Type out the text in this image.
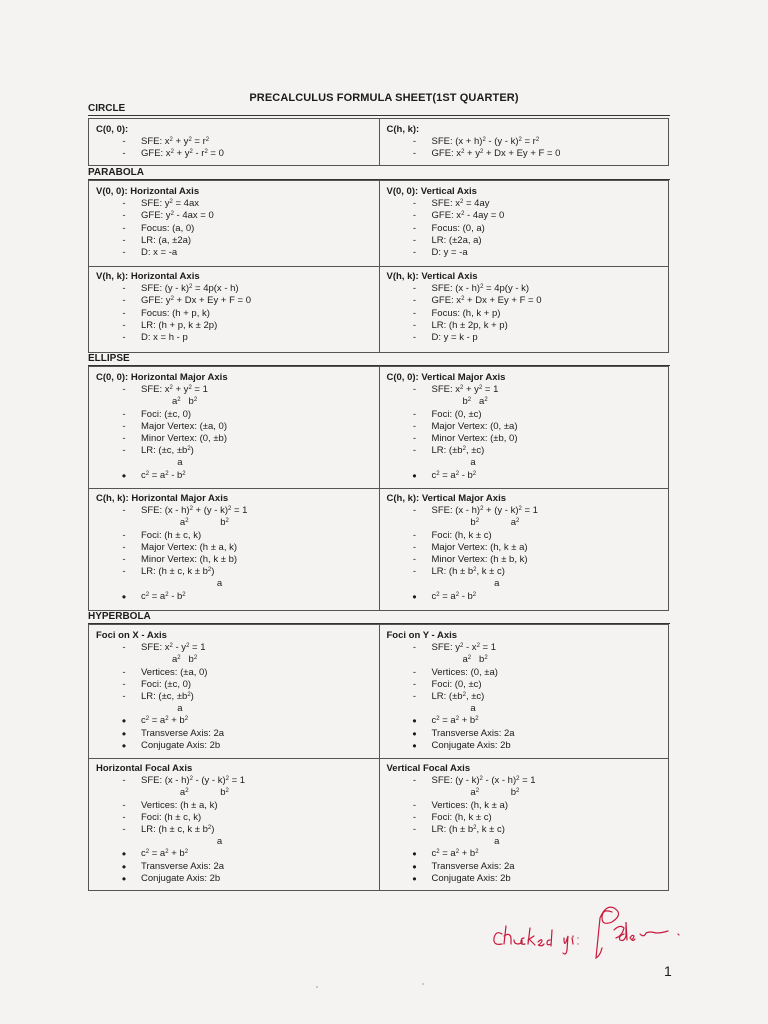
PRECALCULUS FORMULA SHEET(1ST QUARTER)
CIRCLE
C(0, 0):
-	SFE: $x^2 + y^2 = r^2$
-	GFE: $x^2 + y^2 - r^2 = 0$
C(h, k):
-	SFE: $(x + h)^2 - (y - k)^2 = r^2$
-	GFE: $x^2 + y^2 + Dx + Ey + F = 0$
PARABOLA
V(0, 0): Horizontal Axis
-	SFE: $y^2 = 4ax$
-	GFE: $y^2 - 4ax = 0$
-	Focus: (a, 0)
-	LR: (a, ±2a)
-	D: x = -a
V(0, 0): Vertical Axis
-	SFE: $x^2 = 4ay$
-	GFE: $x^2 - 4ay = 0$
-	Focus: (0, a)
-	LR: (±2a, a)
-	D: y = -a
V(h, k): Horizontal Axis
-	SFE: (y - k)$^2$ = 4p(x - h)
-	GFE: $y^2 + Dx + Ey + F = 0$
-	Focus: (h + p, k)
-	LR: (h + p, k ± 2p)
-	D: x = h - p
V(h, k): Vertical Axis
-	SFE: (x - h)$^2$ = 4p(y - k)
-	GFE: $x^2 + Dx + Ey + F = 0$
-	Focus: (h, k + p)
-	LR: (h ± 2p, k + p)
-	D: y = k - p
ELLIPSE
C(0, 0): Horizontal Major Axis
-	SFE: $x^2 + y^2 = 1$
$a^2$   $b^2$
-	Foci: (±c, 0)
-	Major Vertex: (±a, 0)
-	Minor Vertex: (0, ±b)
-	LR: (±c, $\pm b^2$)
a
•	$c^2 = a^2 - b^2$
C(0, 0): Vertical Major Axis
-	SFE: $x^2 + y^2 = 1$
$b^2$   $a^2$
-	Foci: (0, ±c)
-	Major Vertex: (0, ±a)
-	Minor Vertex: (±b, 0)
-	LR: ($\pm b^2$, ±c)
a
•	$c^2 = a^2 - b^2$
C(h, k): Horizontal Major Axis
-	SFE: (x - h)$^2$ + (y - k)$^2$ = 1
$a^2$            $b^2$
-	Foci: (h ± c, k)
-	Major Vertex: (h ± a, k)
-	Minor Vertex: (h, k ± b)
-	LR: (h ± c, $k \pm b^2$)
a
•	$c^2 = a^2 - b^2$
C(h, k): Vertical Major Axis
-	SFE: (x - h)$^2$ + (y - k)$^2$ = 1
$b^2$            $a^2$
-	Foci: (h, k ± c)
-	Major Vertex: (h, k ± a)
-	Minor Vertex: (h ± b, k)
-	LR: ($h \pm b^2$, k ± c)
a
•	$c^2 = a^2 - b^2$
HYPERBOLA
Foci on X - Axis
-	SFE: $x^2 - y^2 = 1$
$a^2$   $b^2$
-	Vertices: (±a, 0)
-	Foci: (±c, 0)
-	LR: (±c, $\pm b^2$)
a
•	$c^2 = a^2 + b^2$
•	Transverse Axis: 2a
•	Conjugate Axis: 2b
Foci on Y - Axis
-	SFE: $y^2 - x^2 = 1$
$a^2$   $b^2$
-	Vertices: (0, ±a)
-	Foci: (0, ±c)
-	LR: ($\pm b^2$, ±c)
a
•	$c^2 = a^2 + b^2$
•	Transverse Axis: 2a
•	Conjugate Axis: 2b
Horizontal Focal Axis
-	SFE: (x - h)$^2$ - (y - k)$^2$ = 1
$a^2$            $b^2$
-	Vertices: (h ± a, k)
-	Foci: (h ± c, k)
-	LR: (h ± c, $k \pm b^2$)
a
•	$c^2 = a^2 + b^2$
•	Transverse Axis: 2a
•	Conjugate Axis: 2b
Vertical Focal Axis
-	SFE: (y - k)$^2$ - (x - h)$^2$ = 1
$a^2$            $b^2$
-	Vertices: (h, k ± a)
-	Foci: (h, k ± c)
-	LR: ($h \pm b^2$, k ± c)
a
•	$c^2 = a^2 + b^2$
•	Transverse Axis: 2a
•	Conjugate Axis: 2b
1
